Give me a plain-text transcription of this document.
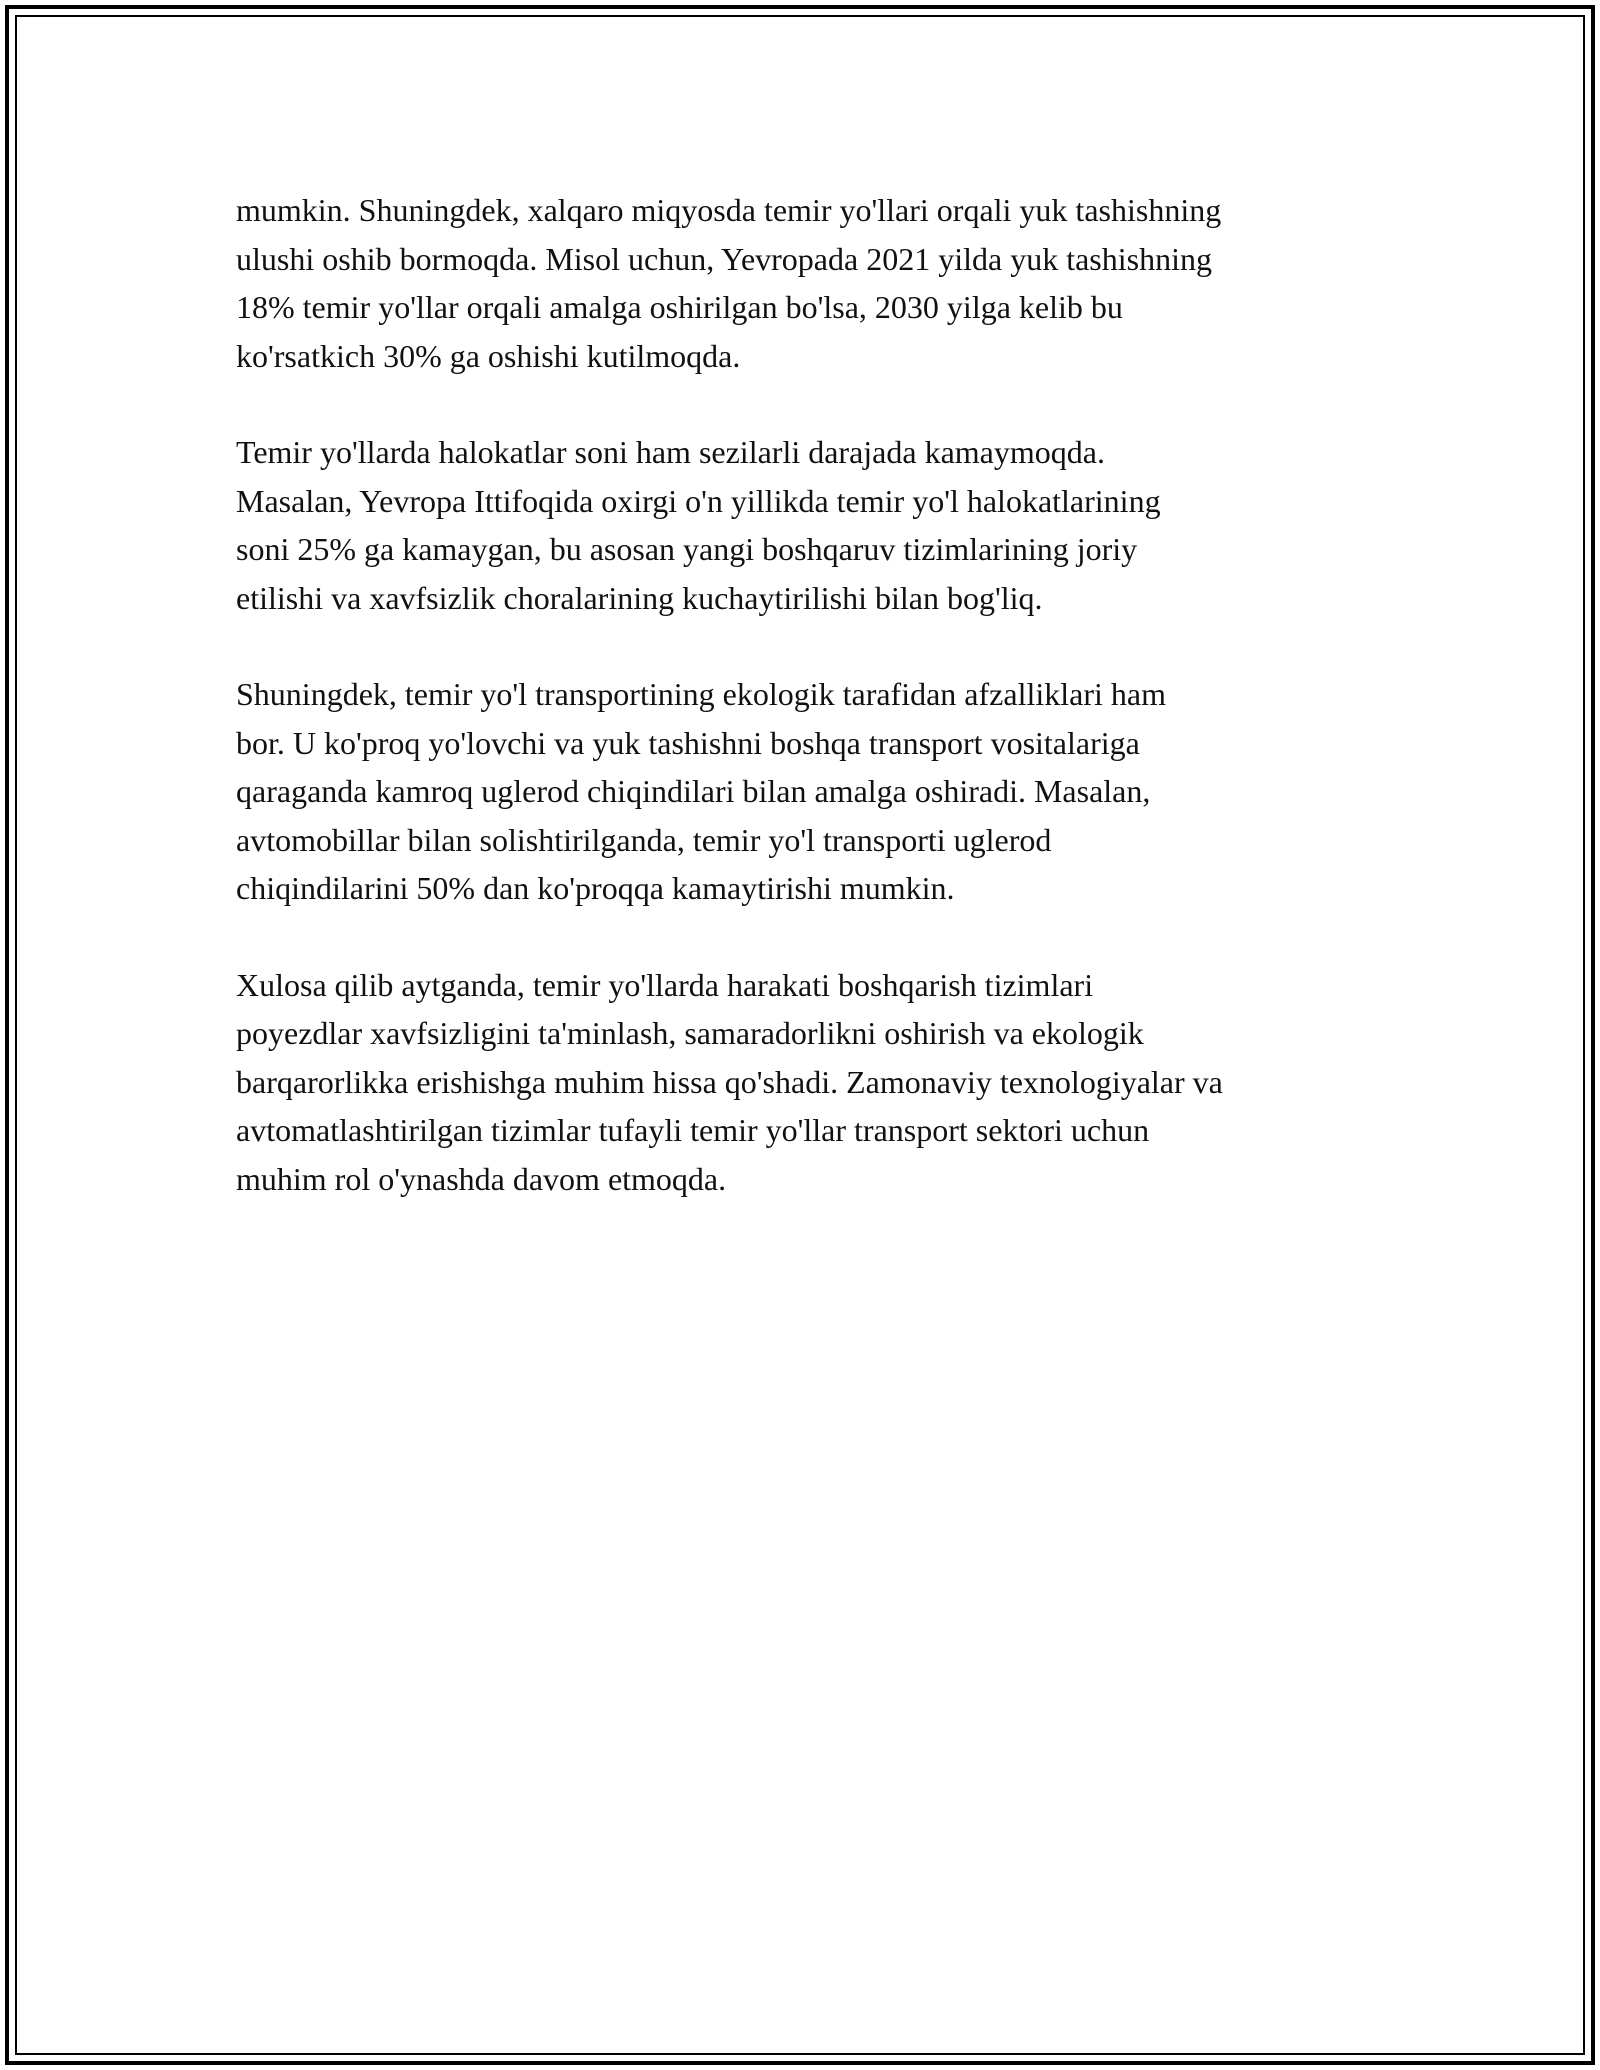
mumkin. Shuningdek, xalqaro miqyosda temir yo'llari orqali yuk tashishning
ulushi oshib bormoqda. Misol uchun, Yevropada 2021 yilda yuk tashishning
18% temir yo'llar orqali amalga oshirilgan bo'lsa, 2030 yilga kelib bu
ko'rsatkich 30% ga oshishi kutilmoqda.

Temir yo'llarda halokatlar soni ham sezilarli darajada kamaymoqda.
Masalan, Yevropa Ittifoqida oxirgi o'n yillikda temir yo'l halokatlarining
soni 25% ga kamaygan, bu asosan yangi boshqaruv tizimlarining joriy
etilishi va xavfsizlik choralarining kuchaytirilishi bilan bog'liq.

Shuningdek, temir yo'l transportining ekologik tarafidan afzalliklari ham
bor. U ko'proq yo'lovchi va yuk tashishni boshqa transport vositalariga
qaraganda kamroq uglerod chiqindilari bilan amalga oshiradi. Masalan,
avtomobillar bilan solishtirilganda, temir yo'l transporti uglerod
chiqindilarini 50% dan ko'proqqa kamaytirishi mumkin.

Xulosa qilib aytganda, temir yo'llarda harakati boshqarish tizimlari
poyezdlar xavfsizligini ta'minlash, samaradorlikni oshirish va ekologik
barqarorlikka erishishga muhim hissa qo'shadi. Zamonaviy texnologiyalar va
avtomatlashtirilgan tizimlar tufayli temir yo'llar transport sektori uchun
muhim rol o'ynashda davom etmoqda.
